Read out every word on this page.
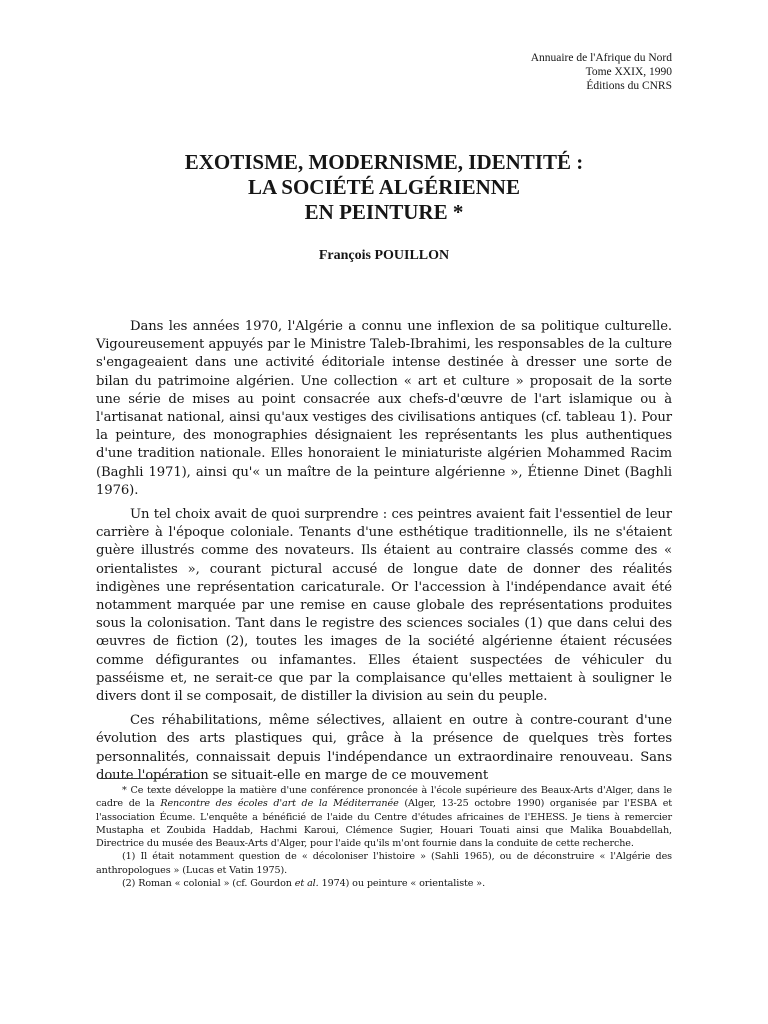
Annuaire de l'Afrique du Nord
Tome XXIX, 1990
Éditions du CNRS
EXOTISME, MODERNISME, IDENTITÉ :
LA SOCIÉTÉ ALGÉRIENNE
EN PEINTURE *
François POUILLON

Dans les années 1970, l'Algérie a connu une inflexion de sa politique culturelle. Vigoureusement appuyés par le Ministre Taleb-Ibrahimi, les responsables de la culture s'engageaient dans une activité éditoriale intense destinée à dresser une sorte de bilan du patrimoine algérien. Une collection « art et culture » proposait de la sorte une série de mises au point consacrée aux chefs-d'œuvre de l'art islamique ou à l'artisanat national, ainsi qu'aux vestiges des civilisations antiques (cf. tableau 1). Pour la peinture, des monographies désignaient les représentants les plus authentiques d'une tradition nationale. Elles honoraient le miniaturiste algérien Mohammed Racim (Baghli 1971), ainsi qu'« un maître de la peinture algérienne », Étienne Dinet (Baghli 1976).

Un tel choix avait de quoi surprendre : ces peintres avaient fait l'essentiel de leur carrière à l'époque coloniale. Tenants d'une esthétique traditionnelle, ils ne s'étaient guère illustrés comme des novateurs. Ils étaient au contraire classés comme des « orientalistes », courant pictural accusé de longue date de donner des réalités indigènes une représentation caricaturale. Or l'accession à l'indépendance avait été notamment marquée par une remise en cause globale des représentations produites sous la colonisation. Tant dans le registre des sciences sociales (1) que dans celui des œuvres de fiction (2), toutes les images de la société algérienne étaient récusées comme défigurantes ou infamantes. Elles étaient suspectées de véhiculer du passéisme et, ne serait-ce que par la complaisance qu'elles mettaient à souligner le divers dont il se composait, de distiller la division au sein du peuple.

Ces réhabilitations, même sélectives, allaient en outre à contre-courant d'une évolution des arts plastiques qui, grâce à la présence de quelques très fortes personnalités, connaissait depuis l'indépendance un extraordinaire renouveau. Sans doute l'opération se situait-elle en marge de ce mouvement

* Ce texte développe la matière d'une conférence prononcée à l'école supérieure des Beaux-Arts d'Alger, dans le cadre de la Rencontre des écoles d'art de la Méditerranée (Alger, 13-25 octobre 1990) organisée par l'ESBA et l'association Écume. L'enquête a bénéficié de l'aide du Centre d'études africaines de l'EHESS. Je tiens à remercier Mustapha et Zoubida Haddab, Hachmi Karoui, Clémence Sugier, Houari Touati ainsi que Malika Bouabdellah, Directrice du musée des Beaux-Arts d'Alger, pour l'aide qu'ils m'ont fournie dans la conduite de cette recherche.

(1) Il était notamment question de « décoloniser l'histoire » (Sahli 1965), ou de déconstruire « l'Algérie des anthropologues » (Lucas et Vatin 1975).

(2) Roman « colonial » (cf. Gourdon et al. 1974) ou peinture « orientaliste ».
